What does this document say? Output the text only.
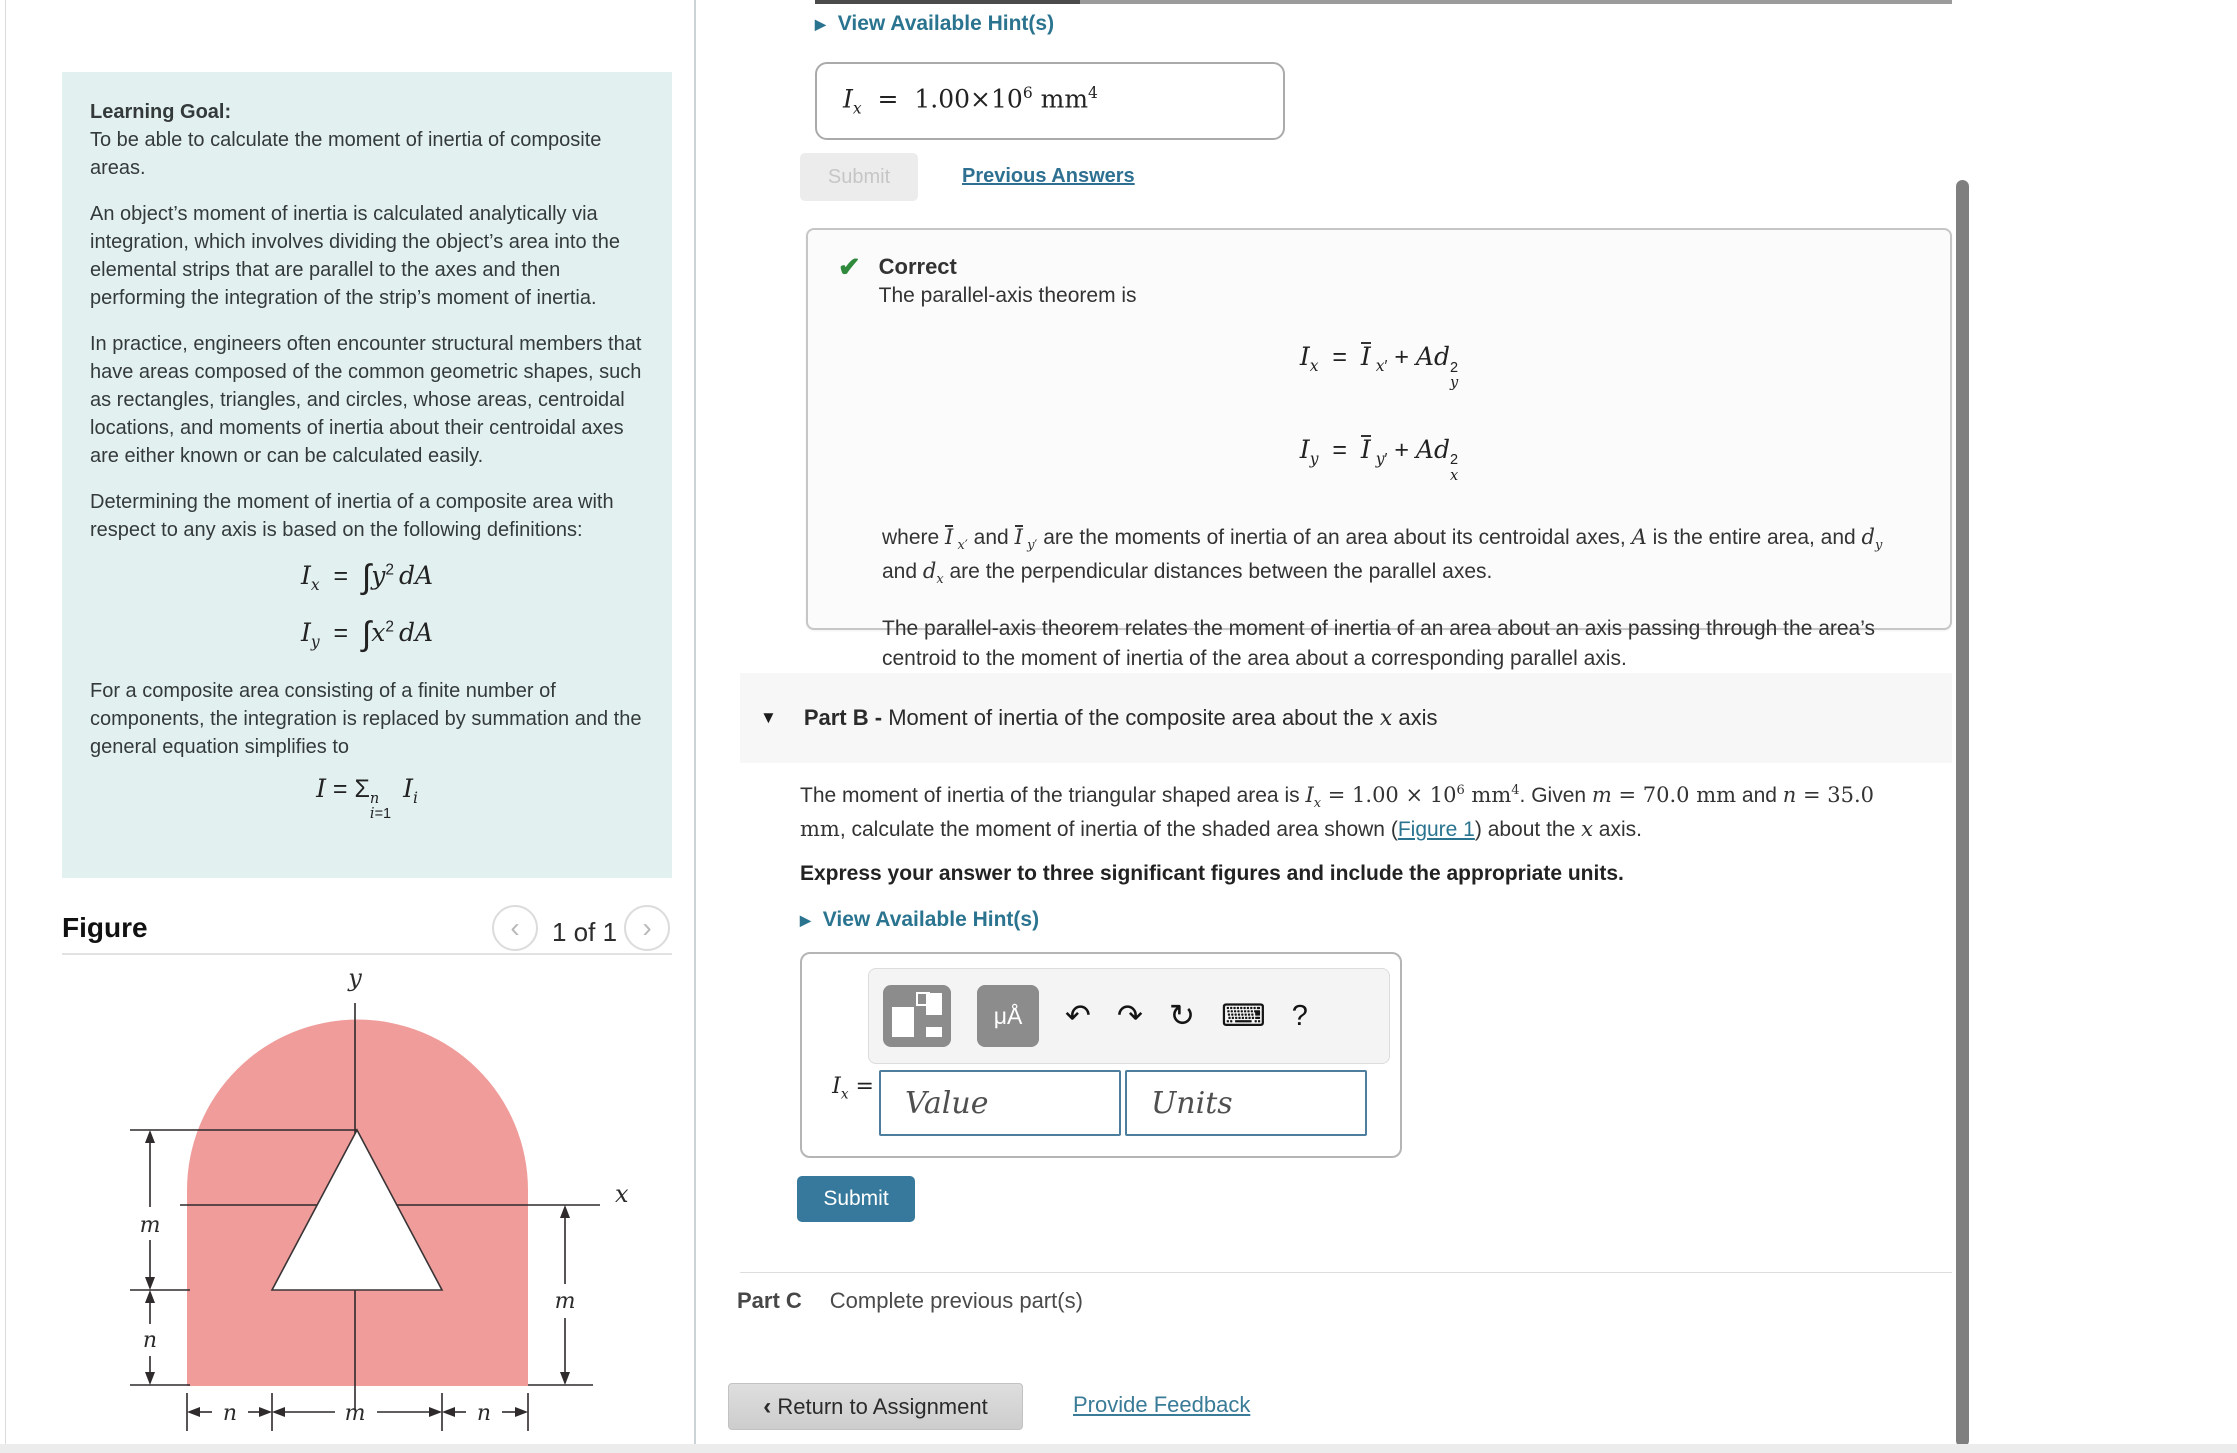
Learning Goal:

To be able to calculate the moment of inertia of composite areas.

An object’s moment of inertia is calculated analytically via integration, which involves dividing the object’s area into the elemental strips that are parallel to the axes and then performing the integration of the strip’s moment of inertia.

In practice, engineers often encounter structural members that have areas composed of the common geometric shapes, such as rectangles, triangles, and circles, whose areas, centroidal locations, and moments of inertia about their centroidal axes are either known or can be calculated easily.

Determining the moment of inertia of a composite area with respect to any axis is based on the following definitions:

$I_x = \int y^2$  dA
$I_y = \int x^2$  dA

For a composite area consisting of a finite number of components, the integration is replaced by summation and the general equation simplifies to

I = Σ n
i=1
  $I_i$
Figure	‹ 1 of 1 ›
y
x
m
n
m
n	m	n
▶ View Available Hint(s)
$I_x = 1.00\times 10^6$ $mm^4$
Submit	Previous Answers
✔ Correct
The parallel-axis theorem is
$I_x = I$  $_{x'}$ + Ad 2
y
$I_y = I$  $_{y'}$ + Ad 2
x
where I  $_{x'}$ and I  $_{y'}$ are the moments of inertia of an area about its centroidal axes, A is the entire area, and $d_y$ and $d_x$ are the perpendicular distances between the parallel axes.
The parallel-axis theorem relates the moment of inertia of an area about an axis passing through the area’s centroid to the moment of inertia of the area about a corresponding parallel axis.
▼ Part B - Moment of inertia of the composite area about the x axis
The moment of inertia of the triangular shaped area is $I_x = 1.00 \times 10^6$ $mm^4$. Given m = 70.0 mm and n = 35.0 mm, calculate the moment of inertia of the shaded area shown (Figure 1) about the x axis.
Express your answer to three significant figures and include the appropriate units.
▶ View Available Hint(s)
μÅ	↶ ↷ ↻ ⌨ ?
$I_x$ =
Value
Units
Submit
Part C Complete previous part(s)
‹ Return to Assignment	Provide Feedback
